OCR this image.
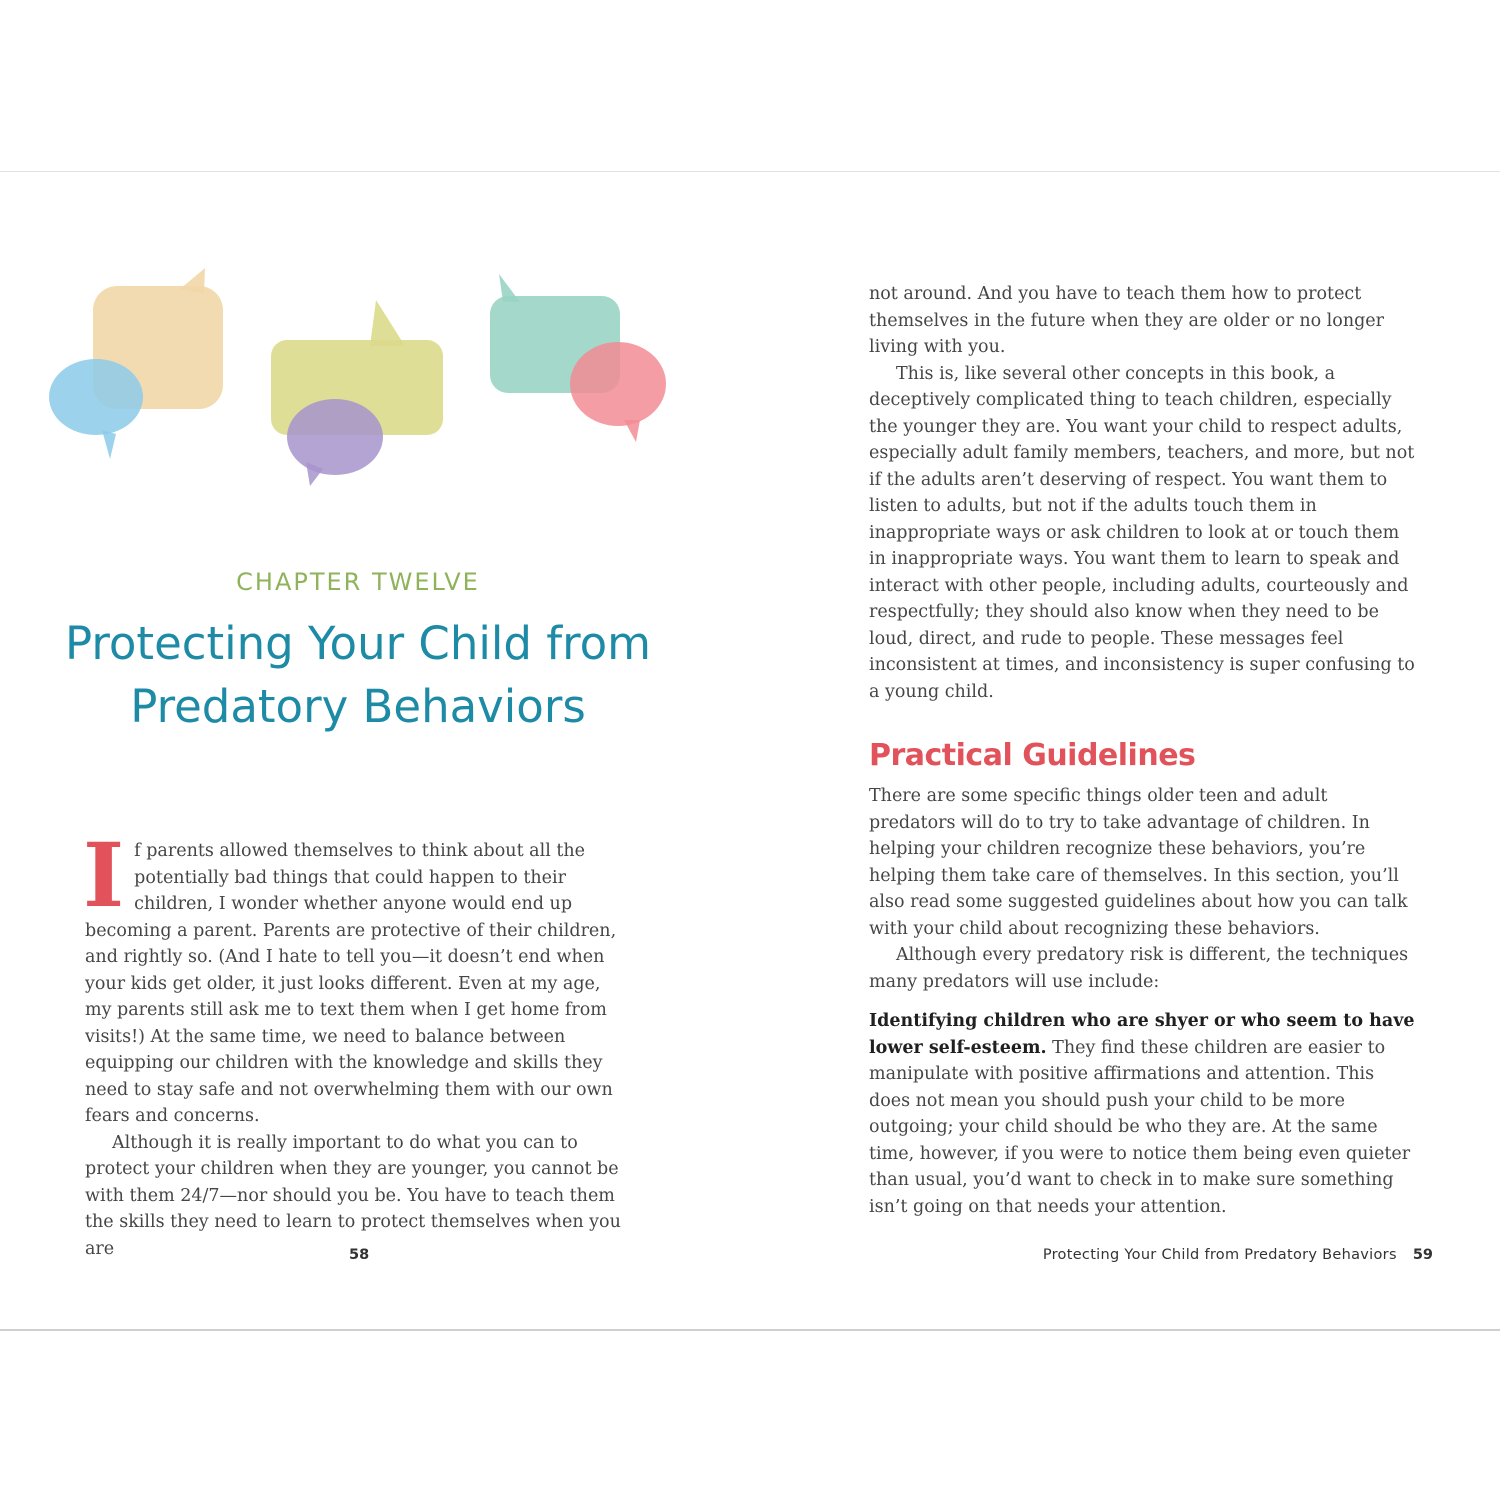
CHAPTER TWELVE
Protecting Your Child from Predatory Behaviors

If parents allowed themselves to think about all the potentially bad things that could happen to their children, I wonder whether anyone would end up becoming a parent. Parents are protective of their children, and rightly so. (And I hate to tell you—it doesn’t end when your kids get older, it just looks different. Even at my age, my parents still ask me to text them when I get home from visits!) At the same time, we need to balance between equipping our children with the knowledge and skills they need to stay safe and not overwhelming them with our own fears and concerns.

Although it is really important to do what you can to protect your children when they are younger, you cannot be with them 24/7—nor should you be. You have to teach them the skills they need to learn to protect themselves when you are

not around. And you have to teach them how to protect themselves in the future when they are older or no longer living with you.

This is, like several other concepts in this book, a deceptively complicated thing to teach children, especially the younger they are. You want your child to respect adults, especially adult family members, teachers, and more, but not if the adults aren’t deserving of respect. You want them to listen to adults, but not if the adults touch them in inappropriate ways or ask children to look at or touch them in inappropriate ways. You want them to learn to speak and interact with other people, including adults, courteously and respectfully; they should also know when they need to be loud, direct, and rude to people. These messages feel inconsistent at times, and inconsistency is super confusing to a young child.

Practical Guidelines

There are some specific things older teen and adult predators will do to try to take advantage of children. In helping your children recognize these behaviors, you’re helping them take care of themselves. In this section, you’ll also read some suggested guidelines about how you can talk with your child about recognizing these behaviors.

Although every predatory risk is different, the techniques many predators will use include:

Identifying children who are shyer or who seem to have lower self-esteem. They find these children are easier to manipulate with positive affirmations and attention. This does not mean you should push your child to be more outgoing; your child should be who they are. At the same time, however, if you were to notice them being even quieter than usual, you’d want to check in to make sure something isn’t going on that needs your attention.

58	Protecting Your Child from Predatory Behaviors 59
